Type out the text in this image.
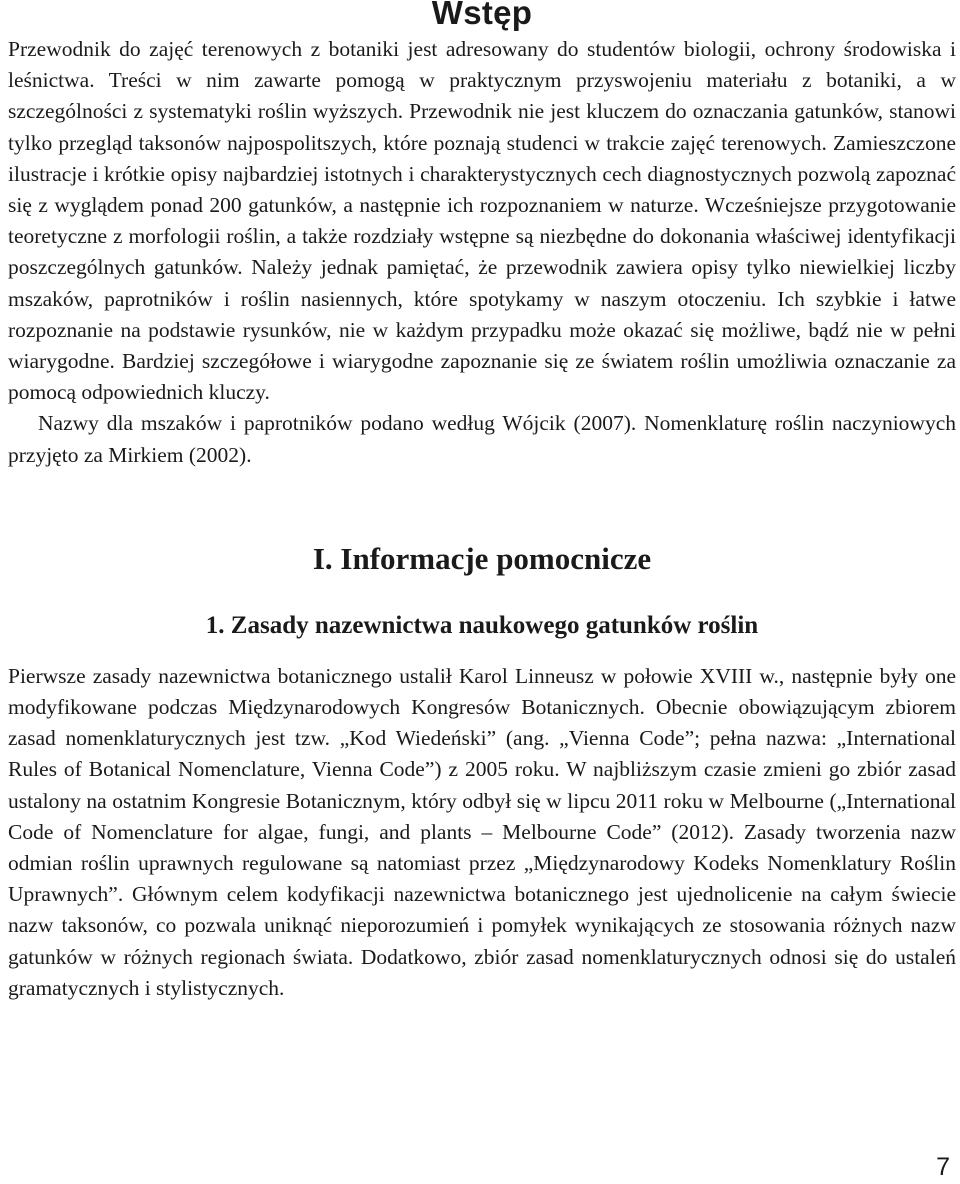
Wstęp

Przewodnik do zajęć terenowych z botaniki jest adresowany do studentów biologii, ochrony środowiska i leśnictwa. Treści w nim zawarte pomogą w praktycznym przyswojeniu materiału z botaniki, a w szczególności z systematyki roślin wyższych. Przewodnik nie jest kluczem do oznaczania gatunków, stanowi tylko przegląd taksonów najpospolitszych, które poznają studenci w trakcie zajęć terenowych. Zamieszczone ilustracje i krótkie opisy najbardziej istotnych i charakterystycznych cech diagnostycznych pozwolą zapoznać się z wyglądem ponad 200 gatunków, a następnie ich rozpoznaniem w naturze. Wcześniejsze przygotowanie teoretyczne z morfologii roślin, a także rozdziały wstępne są niezbędne do dokonania właściwej identyfikacji poszczególnych gatunków. Należy jednak pamiętać, że przewodnik zawiera opisy tylko niewielkiej liczby mszaków, paprotników i roślin nasiennych, które spotykamy w naszym otoczeniu. Ich szybkie i łatwe rozpoznanie na podstawie rysunków, nie w każdym przypadku może okazać się możliwe, bądź nie w pełni wiarygodne. Bardziej szczegółowe i wiarygodne zapoznanie się ze światem roślin umożliwia oznaczanie za pomocą odpowiednich kluczy.

Nazwy dla mszaków i paprotników podano według Wójcik (2007). Nomenklaturę roślin naczyniowych przyjęto za Mirkiem (2002).

I. Informacje pomocnicze
1. Zasady nazewnictwa naukowego gatunków roślin

Pierwsze zasady nazewnictwa botanicznego ustalił Karol Linneusz w połowie XVIII w., następnie były one modyfikowane podczas Międzynarodowych Kongresów Botanicznych. Obecnie obowiązującym zbiorem zasad nomenklaturycznych jest tzw. „Kod Wiedeński” (ang. „Vienna Code”; pełna nazwa: „International Rules of Botanical Nomenclature, Vienna Code”) z 2005 roku. W najbliższym czasie zmieni go zbiór zasad ustalony na ostatnim Kongresie Botanicznym, który odbył się w lipcu 2011 roku w Melbourne („International Code of Nomenclature for algae, fungi, and plants – Melbourne Code” (2012). Zasady tworzenia nazw odmian roślin uprawnych regulowane są natomiast przez „Międzynarodowy Kodeks Nomenklatury Roślin Uprawnych”. Głównym celem kodyfikacji nazewnictwa botanicznego jest ujednolicenie na całym świecie nazw taksonów, co pozwala uniknąć nieporozumień i pomyłek wynikających ze stosowania różnych nazw gatunków w różnych regionach świata. Dodatkowo, zbiór zasad nomenklaturycznych odnosi się do ustaleń gramatycznych i stylistycznych.

7
